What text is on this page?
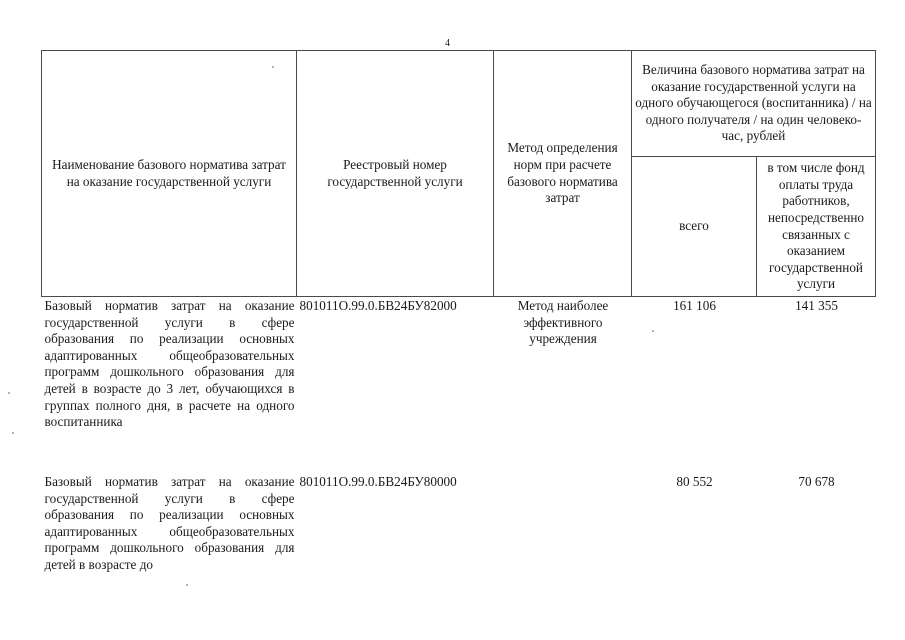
4
Наименование базового норматива затрат на оказание государственной услуги	Реестровый номер государственной услуги	Метод определения норм при расчете базового норматива затрат	Величина базового норматива затрат на оказание государственной услуги на одного обучающегося (воспитанника) / на одного получателя / на один человеко-час, рублей	
			всего	в том числе фонд оплаты труда работников, непосредственно связанных с оказанием государственной услуги
Базовый норматив затрат на оказание государственной услуги в сфере образования по реализации основных адаптированных общеобразовательных программ дошкольного образования для детей в возрасте до 3 лет, обучающихся в группах полного дня, в расчете на одного воспитанника	801011О.99.0.БВ24БУ82000	Метод наиболее эффективного учреждения	161 106	141 355
Базовый норматив затрат на оказание государственной услуги в сфере образования по реализации основных адаптированных общеобразовательных программ дошкольного образования для детей в возрасте до	801011О.99.0.БВ24БУ80000		80 552	70 678
